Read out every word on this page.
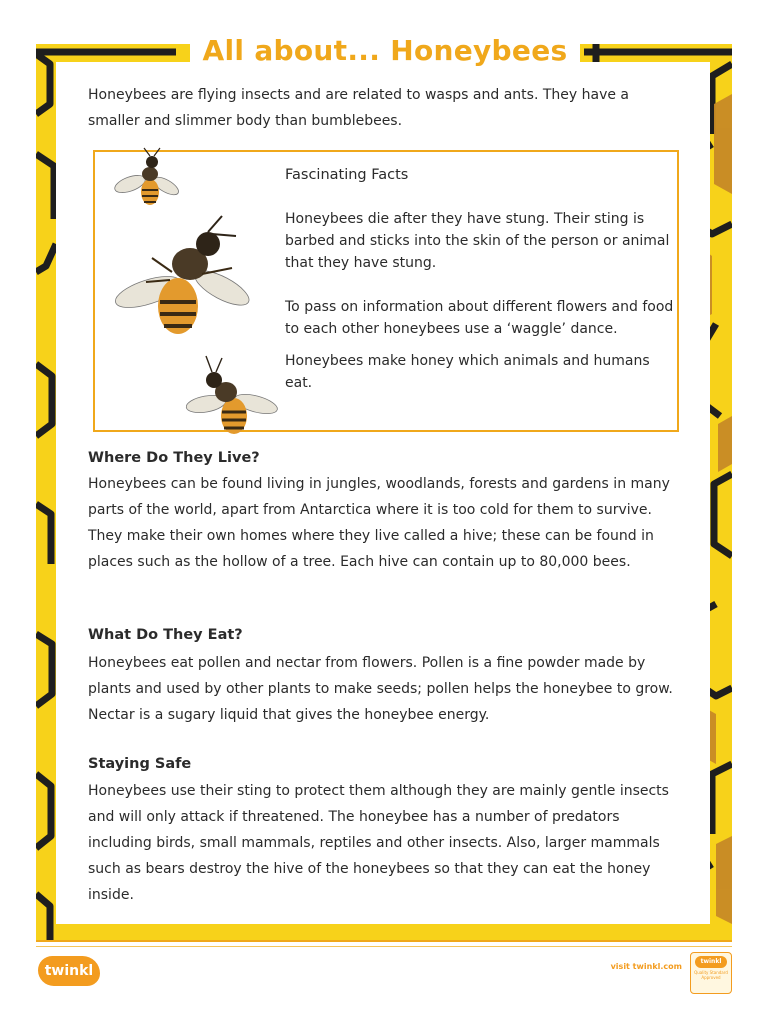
All about... Honeybees

Honeybees are flying insects and are related to wasps and ants. They have a smaller and slimmer body than bumblebees.

Fascinating Facts
Honeybees die after they have stung. Their sting is barbed and sticks into the skin of the person or animal that they have stung.
To pass on information about different flowers and food to each other honeybees use a ‘waggle’ dance.
Honeybees make honey which animals and humans eat.
Where Do They Live?

Honeybees can be found living in jungles, woodlands, forests and gardens in many parts of the world, apart from Antarctica where it is too cold for them to survive. They make their own homes where they live called a hive; these can be found in places such as the hollow of a tree. Each hive can contain up to 80,000 bees.

What Do They Eat?

Honeybees eat pollen and nectar from flowers. Pollen is a fine powder made by plants and used by other plants to make seeds; pollen helps the honeybee to grow. Nectar is a sugary liquid that gives the honeybee energy.

Staying Safe

Honeybees use their sting to protect them although they are mainly gentle insects and will only attack if threatened. The honeybee has a number of predators including birds, small mammals, reptiles and other insects. Also, larger mammals such as bears destroy the hive of the honeybees so that they can eat the honey inside.

twinkl	visit twinkl.com
twinkl
Quality Standard Approved
